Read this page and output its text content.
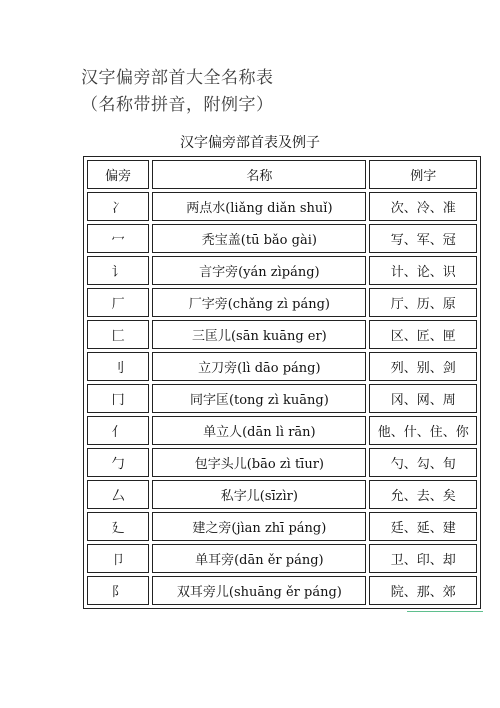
汉字偏旁部首大全名称表
（名称带拼音，附例字）
汉字偏旁部首表及例子
偏旁	名称	例字
冫	两点水(liǎng diǎn shuǐ)	次、冷、准
冖	秃宝盖(tū bǎo gài)	写、军、冠
讠	言字旁(yán zìpáng)	计、论、识
厂	厂字旁(chǎng zì páng)	厅、历、原
匚	三匡儿(sān kuāng er)	区、匠、匣
刂	立刀旁(lì dāo páng)	列、别、剑
冂	同字匡(tong zì kuāng)	冈、网、周
亻	单立人(dān lì rān)	他、什、住、你
勹	包字头儿(bāo zì tīur)	勺、勾、旬
厶	私字儿(sīzìr)	允、去、矣
廴	建之旁(jìan zhī páng)	廷、延、建
卩	单耳旁(dān ěr páng)	卫、印、却
阝	双耳旁儿(shuāng ěr páng)	院、那、郊
